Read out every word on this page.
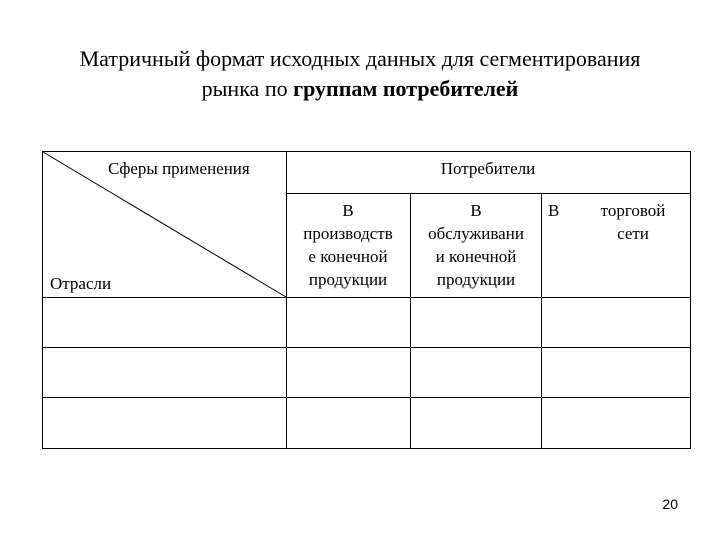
Матричный формат исходных данных для сегментирования
рынка по группам потребителей
Сферы применения
Отрасли
Потребители
В
производств
е конечной
продукции
В
обслуживани
и конечной
продукции
В	торговой
сети
20
